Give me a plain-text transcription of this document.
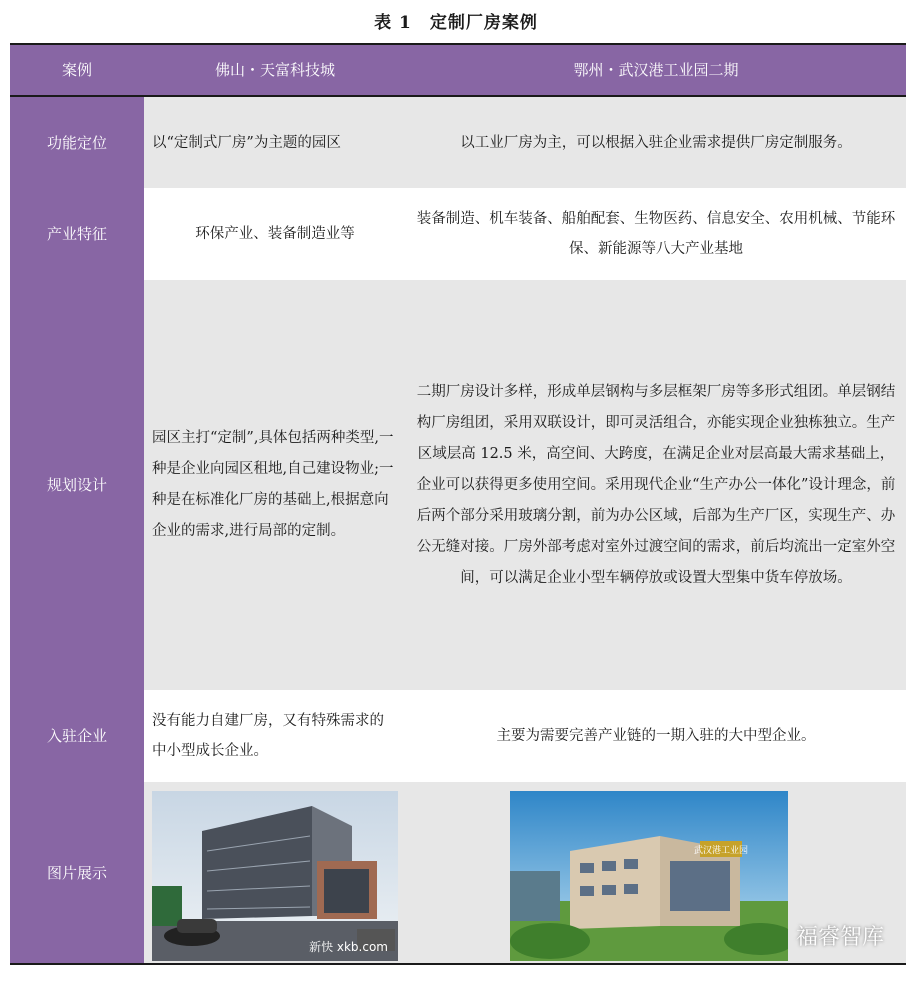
表 1　定制厂房案例
案例	佛山・天富科技城	鄂州・武汉港工业园二期
功能定位	以“定制式厂房”为主题的园区	以工业厂房为主，可以根据入驻企业需求提供厂房定制服务。
产业特征	环保产业、装备制造业等	装备制造、机车装备、船舶配套、生物医药、信息安全、农用机械、节能环保、新能源等八大产业基地
规划设计	园区主打“定制”,具体包括两种类型,一种是企业向园区租地,自己建设物业;一种是在标准化厂房的基础上,根据意向企业的需求,进行局部的定制。	二期厂房设计多样，形成单层钢构与多层框架厂房等多形式组团。单层钢结构厂房组团，采用双联设计，即可灵活组合，亦能实现企业独栋独立。生产区域层高 12.5 米，高空间、大跨度，在满足企业对层高最大需求基础上，企业可以获得更多使用空间。采用现代企业“生产办公一体化”设计理念，前后两个部分采用玻璃分割，前为办公区域，后部为生产厂区，实现生产、办公无缝对接。厂房外部考虑对室外过渡空间的需求，前后均流出一定室外空间，可以满足企业小型车辆停放或设置大型集中货车停放场。
入驻企业	没有能力自建厂房，又有特殊需求的中小型成长企业。	主要为需要完善产业链的一期入驻的大中型企业。
图片展示	新快 xkb.com	武汉港工业园
福睿智库
